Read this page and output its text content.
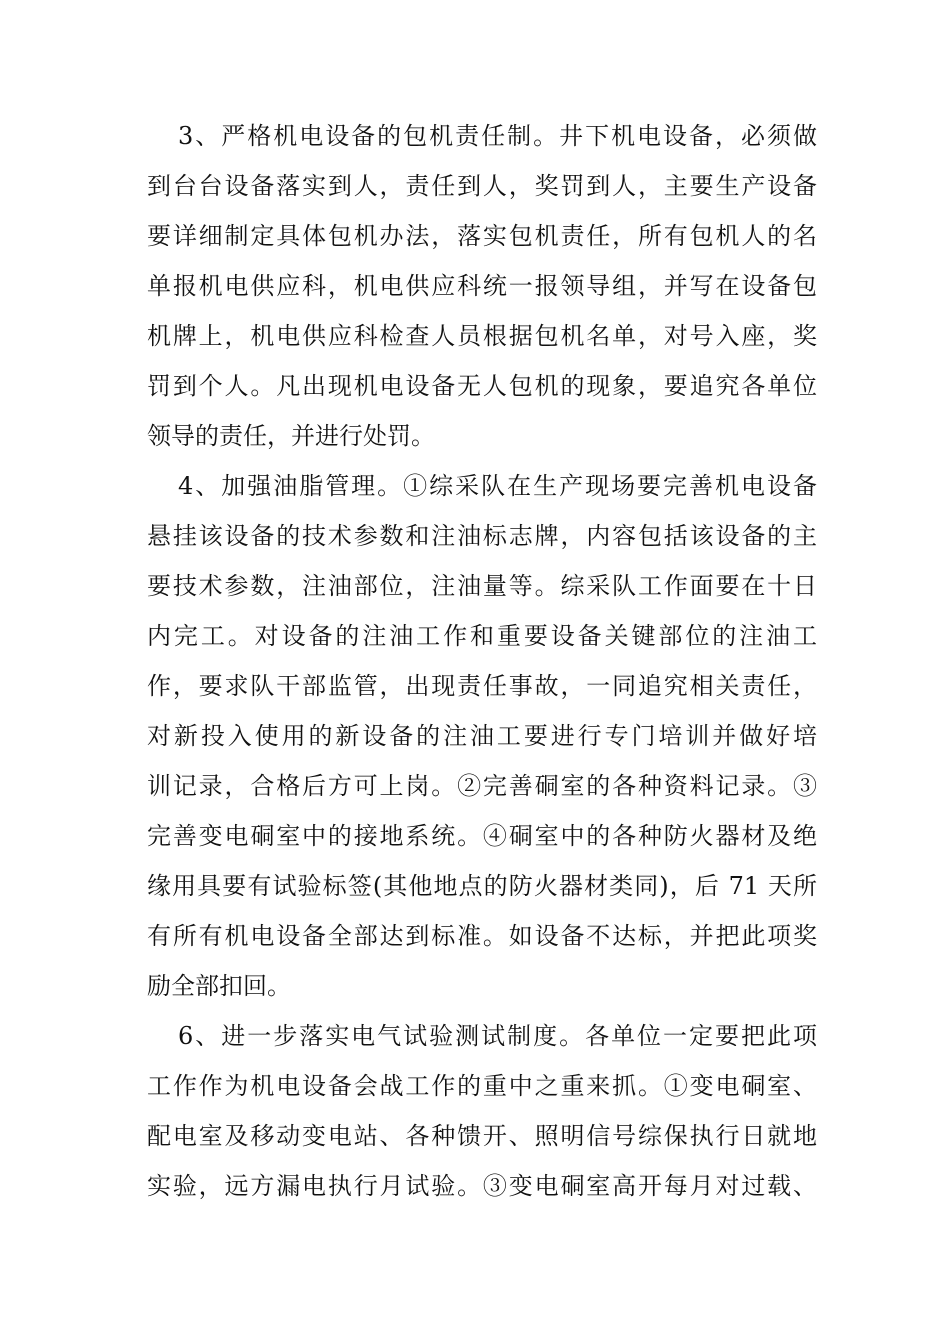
3、严格机电设备的包机责任制。井下机电设备，必须做
到台台设备落实到人，责任到人，奖罚到人，主要生产设备
要详细制定具体包机办法，落实包机责任，所有包机人的名
单报机电供应科，机电供应科统一报领导组，并写在设备包
机牌上，机电供应科检查人员根据包机名单，对号入座，奖
罚到个人。凡出现机电设备无人包机的现象，要追究各单位
领导的责任，并进行处罚。
4、加强油脂管理。①综采队在生产现场要完善机电设备
悬挂该设备的技术参数和注油标志牌，内容包括该设备的主
要技术参数，注油部位，注油量等。综采队工作面要在十日
内完工。对设备的注油工作和重要设备关键部位的注油工
作，要求队干部监管，出现责任事故，一同追究相关责任，
对新投入使用的新设备的注油工要进行专门培训并做好培
训记录，合格后方可上岗。②完善硐室的各种资料记录。③
完善变电硐室中的接地系统。④硐室中的各种防火器材及绝
缘用具要有试验标签(其他地点的防火器材类同)，后 71 天所
有所有机电设备全部达到标准。如设备不达标，并把此项奖
励全部扣回。
6、进一步落实电气试验测试制度。各单位一定要把此项
工作作为机电设备会战工作的重中之重来抓。①变电硐室、
配电室及移动变电站、各种馈开、照明信号综保执行日就地
实验，远方漏电执行月试验。③变电硐室高开每月对过载、
